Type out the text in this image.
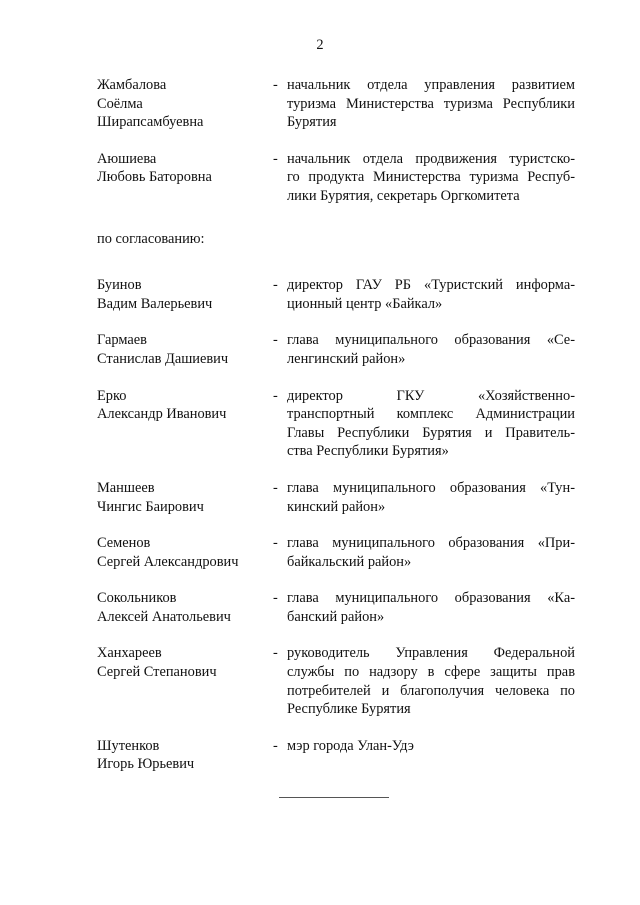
2
Жамбалова
Соёлма
Ширапсамбуевна
- начальник отдела управления развитием
туризма Министерства туризма Республики
Бурятия
Аюшиева
Любовь Баторовна
- начальник отдела продвижения туристско-
го продукта Министерства туризма Респуб-
лики Бурятия, секретарь Оргкомитета
по согласованию:
Буинов
Вадим Валерьевич
- директор ГАУ РБ «Туристский информа-
ционный центр «Байкал»
Гармаев
Станислав Дашиевич
- глава муниципального образования «Се-
ленгинский район»
Ерко
Александр Иванович
- директор ГКУ «Хозяйственно-
транспортный комплекс Администрации
Главы Республики Бурятия и Правитель-
ства Республики Бурятия»
Маншеев
Чингис Баирович
- глава муниципального образования «Тун-
кинский район»
Семенов
Сергей Александрович
- глава муниципального образования «При-
байкальский район»
Сокольников
Алексей Анатольевич
- глава муниципального образования «Ка-
банский район»
Ханхареев
Сергей Степанович
- руководитель Управления Федеральной
службы по надзору в сфере защиты прав
потребителей и благополучия человека по
Республике Бурятия
Шутенков
Игорь Юрьевич
- мэр города Улан-Удэ
